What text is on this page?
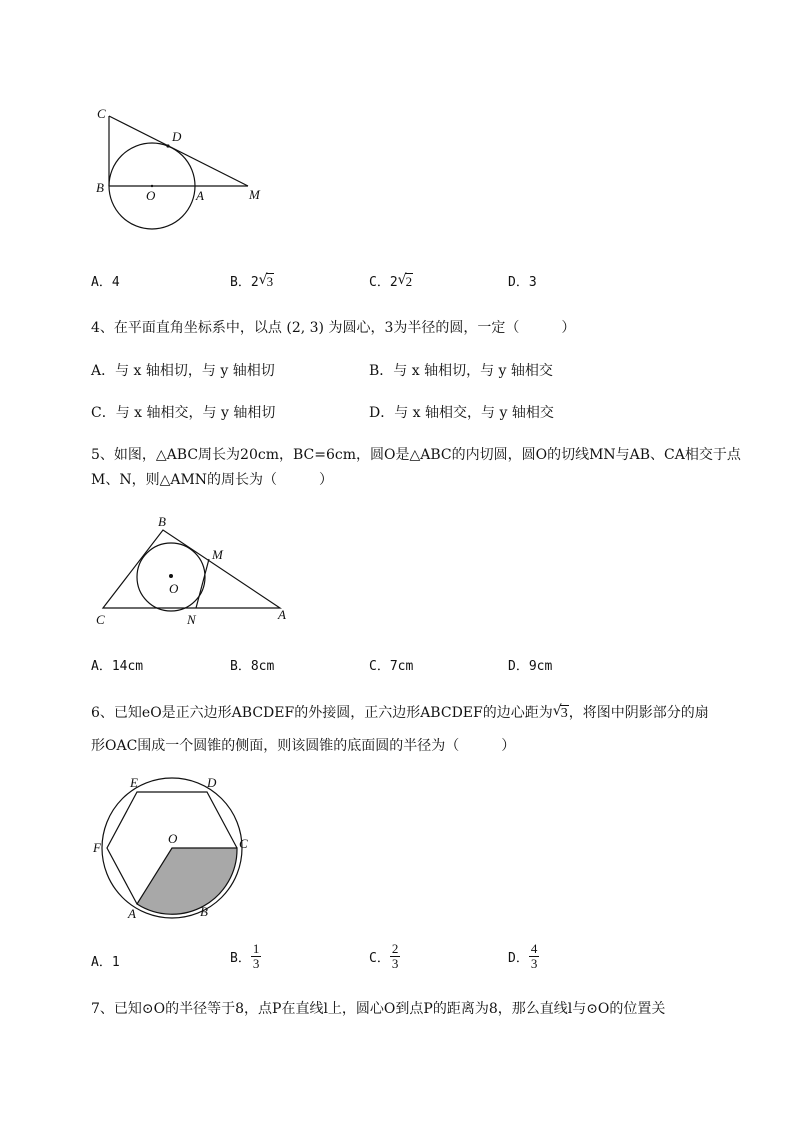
C
D
B
O	A	M
A．4	B．2 √ 3	C．2 √ 2	D．3
4、在平面直角坐标系中，以点 (2, 3) 为圆心，3为半径的圆，一定（　　　）
A．与 x 轴相切，与 y 轴相切	B．与 x 轴相切，与 y 轴相交
C．与 x 轴相交，与 y 轴相切	D．与 x 轴相交，与 y 轴相交
5、如图，△ABC周长为20cm，BC=6cm，圆O是△ABC的内切圆，圆O的切线MN与AB、CA相交于点
M、N，则△AMN的周长为（　　　）
B
M
O
C	N	A
A．14cm	B．8cm	C．7cm	D．9cm
6、已知eO是正六边形ABCDEF的外接圆，正六边形ABCDEF的边心距为 √ 3，将图中阴影部分的扇
形OAC围成一个圆锥的侧面，则该圆锥的底面圆的半径为（　　　）
E	D
F
O	C
A	B
A．1	B． $\frac{1}{3}$	C． $\frac{2}{3}$	D． $\frac{4}{3}$
7、已知⊙O的半径等于8，点P在直线l上，圆心O到点P的距离为8，那么直线l与⊙O的位置关
